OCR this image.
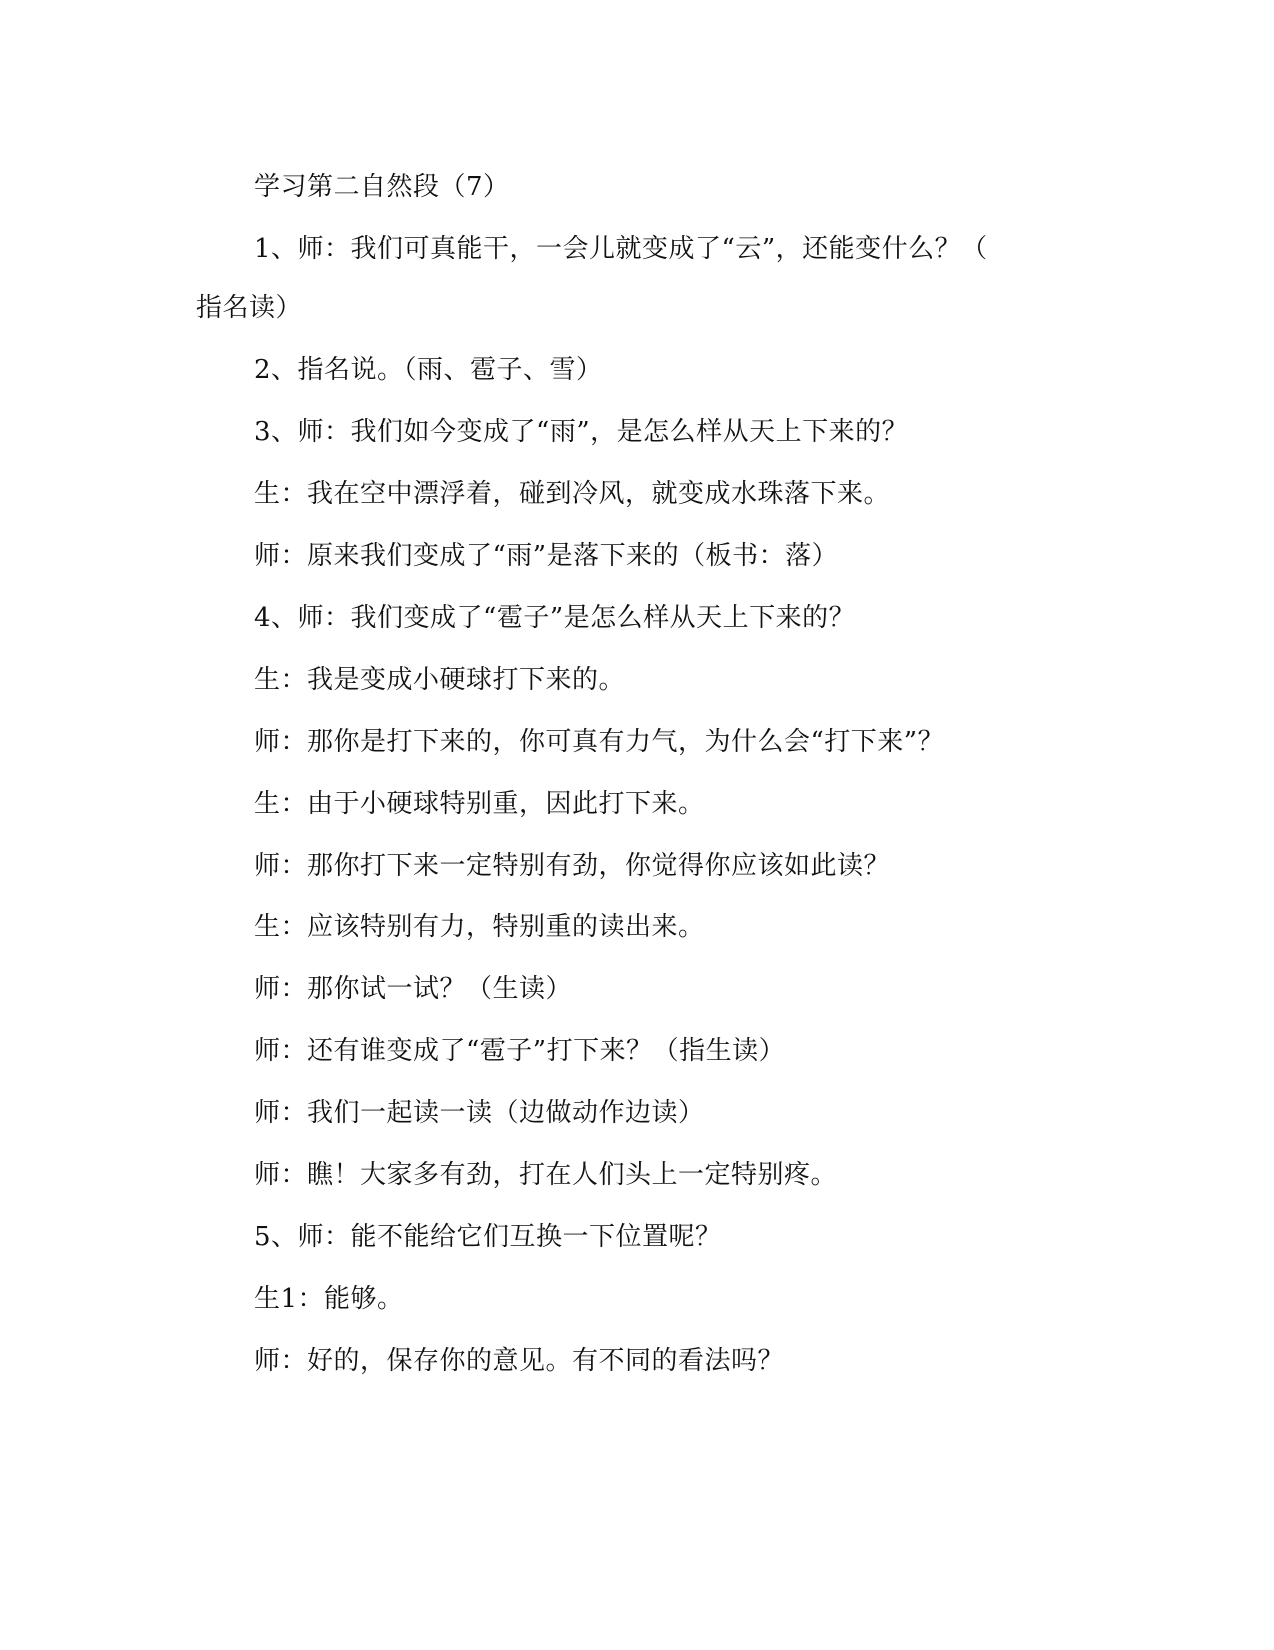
学习第二自然段（7）

1、师：我们可真能干，一会儿就变成了“云”，还能变什么？（

指名读）

2、指名说。（雨、雹子、雪）

3、师：我们如今变成了“雨”，是怎么样从天上下来的？

生：我在空中漂浮着，碰到冷风，就变成水珠落下来。

师：原来我们变成了“雨”是落下来的（板书：落）

4、师：我们变成了“雹子”是怎么样从天上下来的？

生：我是变成小硬球打下来的。

师：那你是打下来的，你可真有力气，为什么会“打下来”？

生：由于小硬球特别重，因此打下来。

师：那你打下来一定特别有劲，你觉得你应该如此读？

生：应该特别有力，特别重的读出来。

师：那你试一试？（生读）

师：还有谁变成了“雹子”打下来？（指生读）

师：我们一起读一读（边做动作边读）

师：瞧！大家多有劲，打在人们头上一定特别疼。

5、师：能不能给它们互换一下位置呢？

生1：能够。

师：好的，保存你的意见。有不同的看法吗？
